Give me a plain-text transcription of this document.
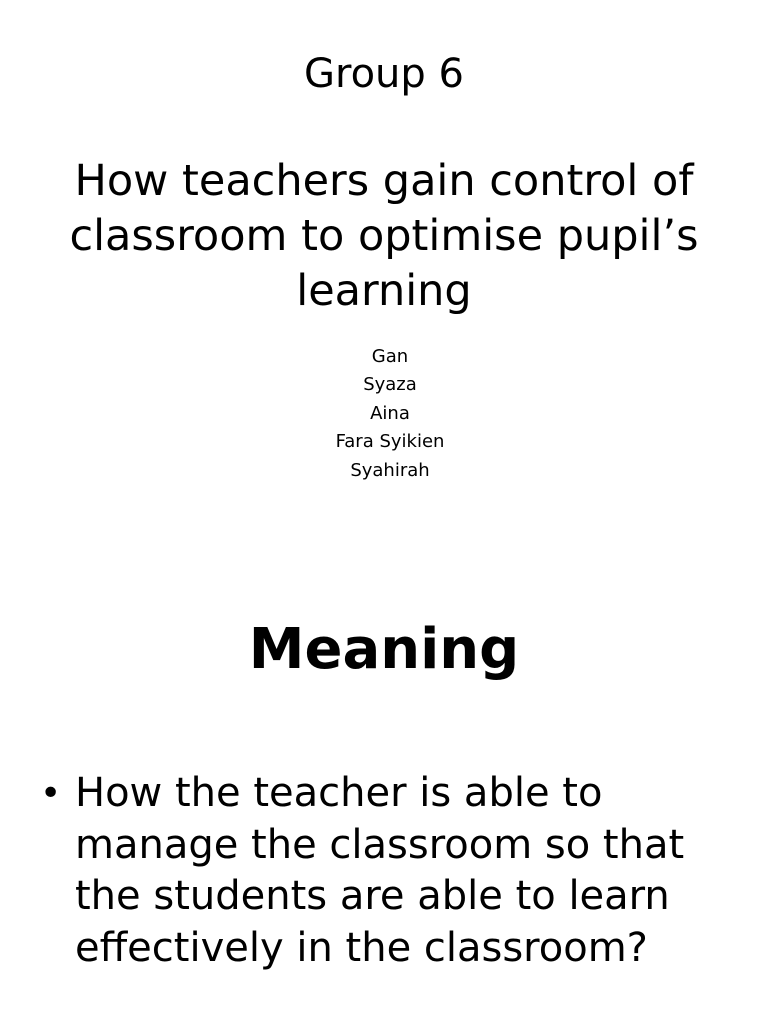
Group 6
How teachers gain control of classroom to optimise pupil’s learning
Gan
Syaza
Aina
Fara Syikien
Syahirah
Meaning
• How the teacher is able to manage the classroom so that the students are able to learn effectively in the classroom?
